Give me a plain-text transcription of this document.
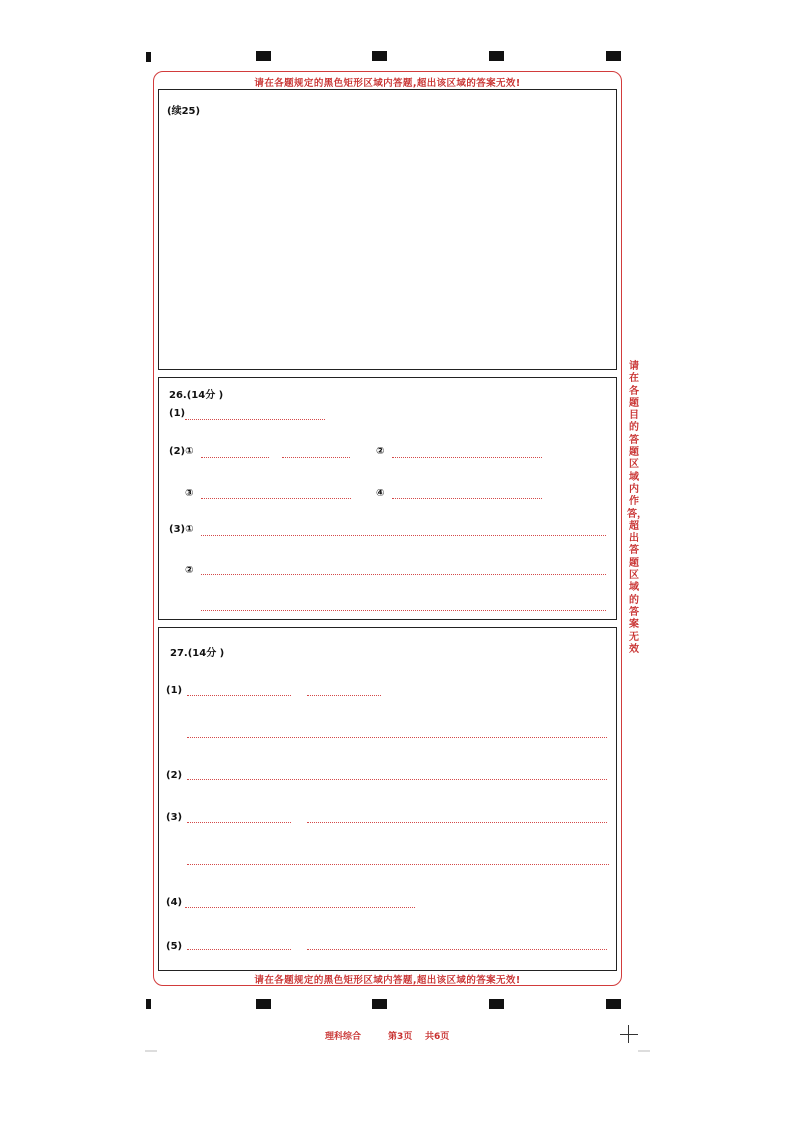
请在各题规定的黑色矩形区域内答题,超出该区域的答案无效!
(续25)
26.(14分 )
(1)
(2)①	②
③	④
(3)①
②
27.(14分 )
(1)
(2)
(3)
(4)
(5)
请在各题规定的黑色矩形区域内答题,超出该区域的答案无效!
请在各题目的答题区域内作答，超出答题区域的答案无效
理科综合	第3页 共6页
